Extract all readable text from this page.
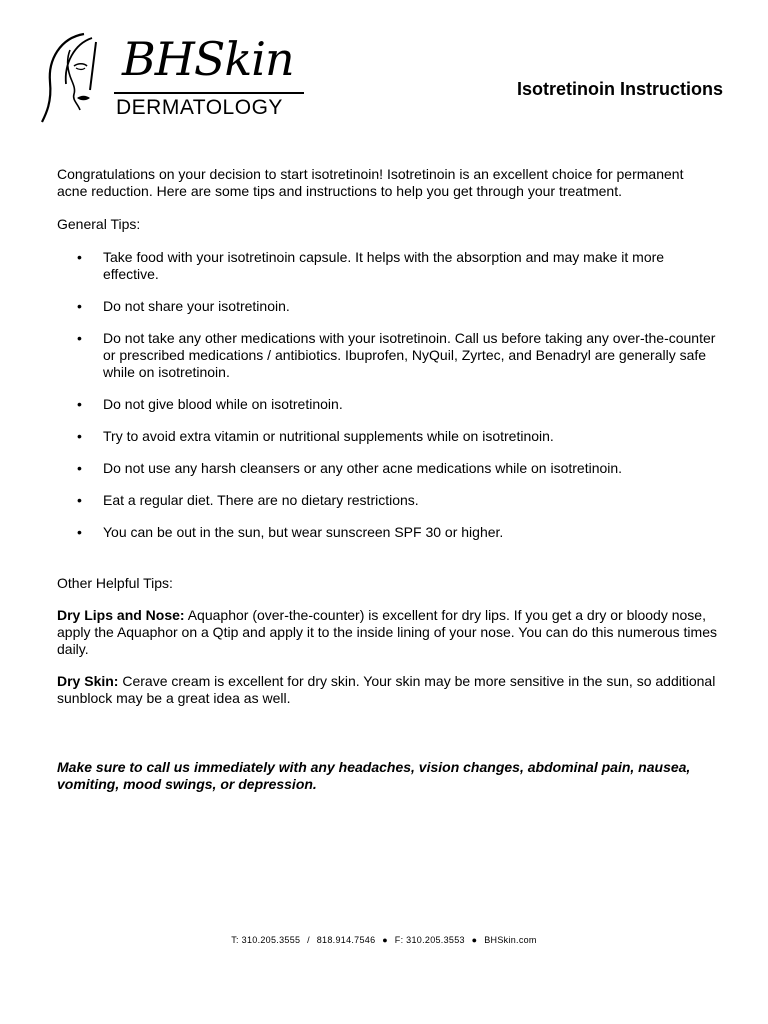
BHSkin
DERMATOLOGY
Isotretinoin Instructions

Congratulations on your decision to start isotretinoin! Isotretinoin is an excellent choice for permanent acne reduction. Here are some tips and instructions to help you get through your treatment.

General Tips:

• Take food with your isotretinoin capsule. It helps with the absorption and may make it more effective.
• Do not share your isotretinoin.
• Do not take any other medications with your isotretinoin. Call us before taking any over-the-counter or prescribed medications / antibiotics. Ibuprofen, NyQuil, Zyrtec, and Benadryl are generally safe while on isotretinoin.
• Do not give blood while on isotretinoin.
• Try to avoid extra vitamin or nutritional supplements while on isotretinoin.
• Do not use any harsh cleansers or any other acne medications while on isotretinoin.
• Eat a regular diet. There are no dietary restrictions.
• You can be out in the sun, but wear sunscreen SPF 30 or higher.

Other Helpful Tips:

Dry Lips and Nose: Aquaphor (over-the-counter) is excellent for dry lips. If you get a dry or bloody nose, apply the Aquaphor on a Qtip and apply it to the inside lining of your nose. You can do this numerous times daily.

Dry Skin: Cerave cream is excellent for dry skin. Your skin may be more sensitive in the sun, so additional sunblock may be a great idea as well.

Make sure to call us immediately with any headaches, vision changes, abdominal pain, nausea, vomiting, mood swings, or depression.

T: 310.205.3555 / 818.914.7546 ● F: 310.205.3553 ● BHSkin.com
